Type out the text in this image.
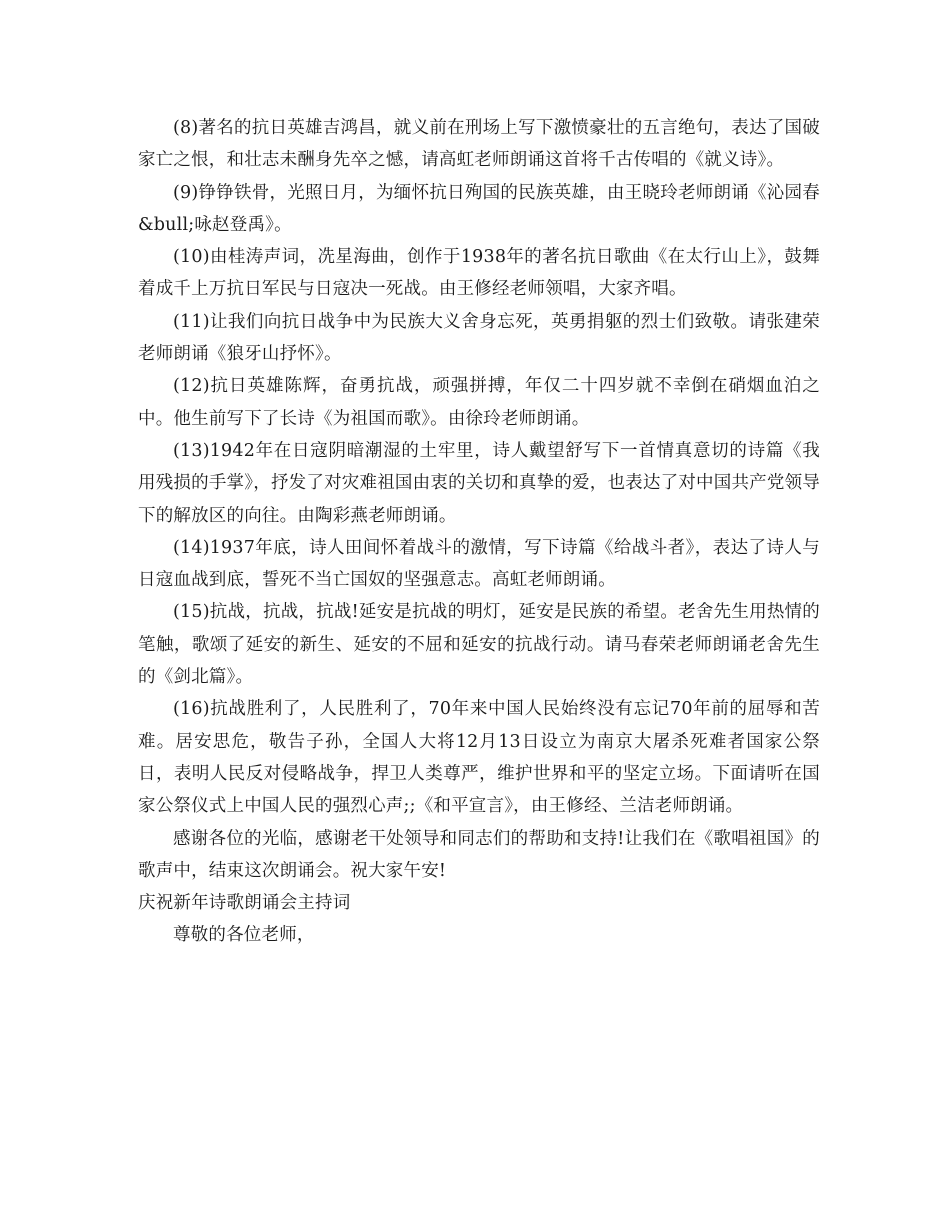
(8)著名的抗日英雄吉鸿昌，就义前在刑场上写下激愤豪壮的五言绝句，表达了国破家亡之恨，和壮志未酬身先卒之憾，请高虹老师朗诵这首将千古传唱的《就义诗》。

(9)铮铮铁骨，光照日月，为缅怀抗日殉国的民族英雄，由王晓玲老师朗诵《沁园春&bull;咏赵登禹》。

(10)由桂涛声词，冼星海曲，创作于1938年的著名抗日歌曲《在太行山上》，鼓舞着成千上万抗日军民与日寇决一死战。由王修经老师领唱，大家齐唱。

(11)让我们向抗日战争中为民族大义舍身忘死，英勇捐躯的烈士们致敬。请张建荣老师朗诵《狼牙山抒怀》。

(12)抗日英雄陈辉，奋勇抗战，顽强拼搏，年仅二十四岁就不幸倒在硝烟血泊之中。他生前写下了长诗《为祖国而歌》。由徐玲老师朗诵。

(13)1942年在日寇阴暗潮湿的土牢里，诗人戴望舒写下一首情真意切的诗篇《我用残损的手掌》，抒发了对灾难祖国由衷的关切和真挚的爱，也表达了对中国共产党领导下的解放区的向往。由陶彩燕老师朗诵。

(14)1937年底，诗人田间怀着战斗的激情，写下诗篇《给战斗者》，表达了诗人与日寇血战到底，誓死不当亡国奴的坚强意志。高虹老师朗诵。

(15)抗战，抗战，抗战!延安是抗战的明灯，延安是民族的希望。老舍先生用热情的笔触，歌颂了延安的新生、延安的不屈和延安的抗战行动。请马春荣老师朗诵老舍先生的《剑北篇》。

(16)抗战胜利了，人民胜利了，70年来中国人民始终没有忘记70年前的屈辱和苦难。居安思危，敬告子孙，全国人大将12月13日设立为南京大屠杀死难者国家公祭日，表明人民反对侵略战争，捍卫人类尊严，维护世界和平的坚定立场。下面请听在国家公祭仪式上中国人民的强烈心声;;《和平宣言》，由王修经、兰洁老师朗诵。

感谢各位的光临，感谢老干处领导和同志们的帮助和支持!让我们在《歌唱祖国》的歌声中，结束这次朗诵会。祝大家午安!

庆祝新年诗歌朗诵会主持词

尊敬的各位老师，
